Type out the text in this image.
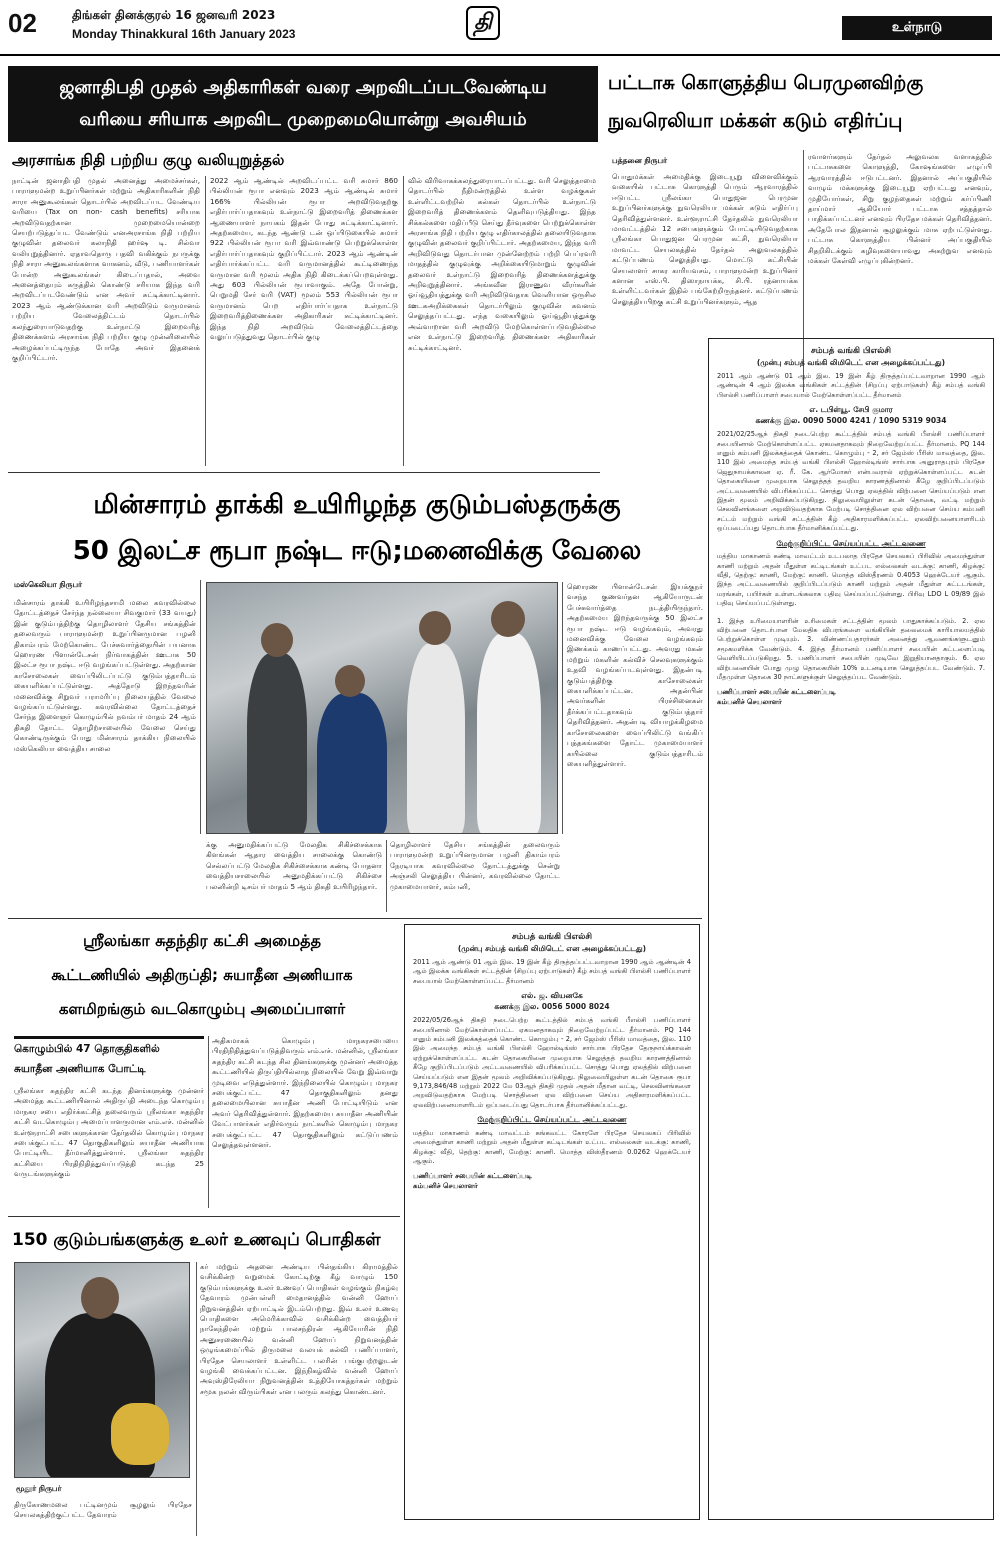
02	திங்கள் தினக்குரல் 16 ஜனவரி 2023
Monday Thinakkural 16th January 2023	தி	உள்நாடு
ஜனாதிபதி முதல் அதிகாரிகள் வரை அறவிடப்படவேண்டிய
வரியை சரியாக அறவிட முறைமையொன்று அவசியம்
அரசாங்க நிதி பற்றிய குழு வலியுறுத்தல்
நாட்டின் ஜனாதிபதி முதல் அனைத்து அமைச்சர்கள், பாராளுமன்ற உறுப்பினர்கள் மற்றும் அதிகாரிகளின் நிதி சாரா அனுகூலங்கள் தொடர்பில் அறவிடப்பட வேண்டிய வரியை (Tax on non- cash benefits) சரியாக அறவிடுவதற்கான முறைமையொன்றை செயற்படுத்தப்பட வேண்டும் எனஅரசாங்க நிதி பற்றிய குழுவின் தலைவர் கலாநிதி ஹர்ஷ டி. சில்வா வலியுறுத்தினார். ஏதாவதொரு பதவி வகிக்கும் நபருக்கு நிதி சாரா அனுகூலங்களாக வாகனம், வீடு, பணியாளர்கள் போன்ற அனுகூலங்கள் கிடைப்பதால், அவை அனைத்தையும் கருத்தில் கொண்டு சரியாக இந்த வரி அறவிடப்படவேண்டும் என அவர் சுட்டிக்காட்டினார். 2023 ஆம் ஆண்டுக்கான வரி அறவிடும் வருமானம் பற்றிய வேலைத்திட்டம் தொடர்பில் கலந்துரையாடுவதற்கு உள்நாட்டு இறைவரித் திணைக்களம் அரசாங்க நிதி பற்றிய குழு முன்னிலையில் அழைக்கப்பட்டிருந்த போதே அவர் இதனைக் குறிப்பிட்டார்.
2022 ஆம் ஆண்டில் அறவிடப்பட்ட வரி சுமார் 860 பில்லியன் ரூபா எனவும் 2023 ஆம் ஆண்டில் சுமார் 166% பில்லியன் ரூபா அறவிடுவதற்கு எதிர்பார்ப்பதாகவும் உள்நாட்டு இறைவரித் திணைக்கள ஆணையாளர் நாயகம் இதன் போது சுட்டிக்காட்டினார். அதற்கமைய, கடந்த ஆண்டு டன் ஒப்பிடுகையில் சுமார் 922 பில்லியன் ரூபா வரி இவ்வாண்டு பெற்றுக்கொள்ள எதிர்பார்ப்பதாகவும் குறிப்பிட்டார். 2023 ஆம் ஆண்டின் எதிர்பார்க்கப்பட்ட வரி வருமானத்தில் கூட்டிணைந்த வருமான வரி மூலம் அதிக நிதி கிடைக்கப்பெறவுள்ளது. அது 603 பில்லியன் ரூபாவாகும். அதே போன்று, பெறுமதி சேர் வரி (VAT) மூலம் 553 பில்லியன் ரூபா வருமானம் பெற எதிர்பார்ப்பதாக உள்நாட்டு இறைவரித்திணைக்கள அதிகாரிகள் சுட்டிக்காட்டினர். இந்த நிதி அறவிடும் வேலைத்திட்டத்தை வலுப்படுத்துவது தொடர்பில் குழு
வில் விரிவாகக்கலந்துரையாடப்பட்டது. வரி செலுத்தாமை தொடர்பில் நீதிமன்றத்தில் உள்ள வழக்குகள் உள்ளிட்டவற்றில் கல்கள் தொடர்பில் உள்நாட்டு இறைவரித் திணைக்களம் தெளிவுபடுத்தியது. இந்த சிக்கல்களை மதிப்பீடு செய்து தீர்வுகளை பெற்றுக்கொள்ள அரசாங்க நிதி பற்றிய குழு எதிர்காலத்தில் தலையிடுவதாக குழுவின் தலைவர் குறிப்பிட்டார். அதற்கமைய, இந்த வரி அறிவிடுவது தொடர்பான முன்னேற்றம் பற்றி பெப்ரவரி மாதத்தில் குழுவுக்கு அறிக்கையிடுமாறும் குழுவின் தலைவர் உள்நாட்டு இறைவரித் திணைக்களத்துக்கு அறிவுறுத்தினார். அங்கவீன இராணுவ வீரர்களின் ஓய்வூதியத்துக்கு வரி அறிவிடுவதாக வெளியான ஒருசில ஊடகஅறிக்கைகள் தொடர்பிலும் குழுவின் கவனம் செலுத்தப்பட்டது. எந்த வகையிலும் ஓய்வூதியத்துக்கு அவ்வாறான வரி அறவிடு மேற்கொள்ளப்படுவதில்லை என உள்நாட்டு இறைவரித் திணைக்கள அதிகாரிகள் சுட்டிக்காட்டினர்.
பட்டாசு கொளுத்திய பெரமுனவிற்கு
நுவரெலியா மக்கள் கடும் எதிர்ப்பு
பத்தனை நிருபர்
பொதுமக்கள் அமைதிக்கு இடையூறு விளைவிக்கும் வகையில் பட்டாசு கொளுத்தி பெரும் ஆரவாரத்தில் ஈடுபட்ட ஸ்ரீலங்கா பொதுஜன பெரமுன உறுப்பினர்களுக்கு நுவரெலியா மக்கள் கடும் எதிர்ப்பு தெரிவித்துள்ளனர். உள்ளூராட்சி தேர்தலில் நுவரெலியா மாவட்டத்தில் 12 சபைகளுக்கும் போட்டியிடுவதற்காக ஸ்ரீலங்கா பொதுஜன பெரமுன கட்சி, நுவரெலியா மாவட்ட செயலகத்தில் தேர்தல் அலுவலகத்தில் கட்டுப்பணம் செலுத்தியது. மொட்டு கட்சியின் செயலாளர் சாகர காரியவசம், பாராளுமன்ற உறுப்பினர் களான எஸ்.பி. திஸாநாயக்க, சி.பி. ரத்னாயக்க உள்ளிட்டவர்கள் இதில் பங்கேற்றிருந்தனர். கட்டுப்பணம் செலுத்தியபிறகு கட்சி உறுப்பினர்களும், ஆத
ரவாளர்களும் தேர்தல் அலுவலக வளாகத்தில் பட்டாசுகளை கொளுத்தி, கோஷங்களை எழுப்பி ஆரவாரத்தில் ஈடுபட்டனர். இதனால் அப்பகுதியில் வாழும் மக்களுக்கு இடையூறு ஏற்பட்டது எனவும், முதியோர்கள், சிறு குழந்தைகள் மற்றும் கர்ப்பிணி தாய்மார் ஆகியோர் பட்டாசு சத்தத்தால் பாதிக்கப்பட்டனர் எனவும் பிரதேச மக்கள் தெரிவித்தனர். அதேபோல இதனால் சூழலுக்கும் மாசு ஏற்பட்டுள்ளது. பட்டாசு கொளுத்திய பின்னர் அப்பகுதியில் சிதறிகிடக்கும் கழிவுகளையாவது அகற்றுவ எனவும் மக்கள் கேள்வி எழுப்புகின்றனர்.
சம்பத் வங்கி பிஎல்சி
(முன்பு சம்பத் வங்கி லிமிடெட் என அழைக்கப்பட்டது)
2011 ஆம் ஆண்டு 01 ஆம் இல. 19 இன் கீழ் திருத்தப்பட்டவாறான 1990 ஆம் ஆண்டின் 4 ஆம் இலக்க வங்கிகள் சட்டத்தின் (சிறப்பு ஏற்பாடுகள்) கீழ் சம்பத் வங்கி பிஎல்சி பணிப்பாளர் சபையால் மேற்கொள்ளப்பட்ட தீர்மானம்
எ. டபிள்யூ. சேபி குமார
கணக்கு இல. 0090 5000 4241 / 1090 5319 9034
2021/02/25ஆந் திகதி நடைபெற்ற கூட்டத்தில் சம்பத் வங்கி பீஎல்சி பணிப்பாளர் சபையினால் மேற்கொள்ளப்பட்ட ஏகமனதாகவும் நிறைவேற்றப்பட்ட தீர்மானம். PQ 144 எனும் கம்பனி இலக்கத்தைக் கொண்ட கொழும்பு - 2, சர் ஜேம்ஸ் பீரிஸ் மாவத்தை, இல. 110 இல் அமைந்த சம்பத் வங்கி பிஎல்சி ஹோல்டிங்ஸ் சார்பாக அனுராதபுரம் பிரதேச ஜெதுநாயக்காலன ஏ. ரீ. கே. ஆர்மோகர் என்பவரால் ஏற்றுக்கொள்ளப்பட்ட கடன் தொகையினை முறையாக செலுத்தத் தவறிய காரணத்தினால் கீழே குறிப்பிடப்படும் அட்டவணையில் விபரிக்கப்பட்ட சொத்து பொது ஏலத்தில் விற்பனை செய்யப்படும் என இதன் மூலம் அறிவிக்கப்படுகிறது. நிலுவையிலுள்ள கடன் தொகை, வட்டி மற்றும் செலவினங்களை அறவிடுவதற்காக மேற்படி சொத்தினை ஏல விற்பனை செய்ய கம்பனி சட்டம் மற்றும் வங்கி சட்டத்தின் கீழ் அதிகாரமளிக்கப்பட்ட ஏலவிற்பனையாளரிடம் ஒப்படைப்பது தொடர்பாக தீர்மானிக்கப்பட்டது.
மேற்குறிப்பிட்ட செய்யப்பட்ட அட்டவணை
மத்திய மாகாணம் கண்டி மாவட்டம் உடபலாத பிரதேச செயலகப் பிரிவில் அமைந்துள்ள காணி மற்றும் அதன் மீதுள்ள கட்டிடங்கள் உட்பட எல்லைகள் வடக்கு: காணி, கிழக்கு: வீதி, தெற்கு: காணி, மேற்கு: காணி. மொத்த விஸ்தீரணம் 0.4053 ஹெக்டேயர் ஆகும். இந்த அட்டவணையில் குறிப்பிடப்படும் காணி மற்றும் அதன் மீதுள்ள கட்டடங்கள், மரங்கள், பயிர்கள் உள்ளடங்கலாக பதிவு செய்யப்பட்டுள்ளது. பிரிவு LDO L 09/89 இல் பதிவு செய்யப்பட்டுள்ளது.
1. இந்த உரிமையாளரின் உரிமைகள் சட்டத்தின் மூலம் பாதுகாக்கப்படும். 2. ஏல விற்பனை தொடர்பான மேலதிக விபரங்களை வங்கியின் தலைமைக் காரியாலயத்தில் பெற்றுக்கொள்ள முடியும். 3. விண்ணப்பதாரர்கள் அனைத்து ஆவணங்களுடனும் சமூகமளிக்க வேண்டும். 4. இந்த தீர்மானம் பணிப்பாளர் சபையின் கட்டளைப்படி வெளியிடப்படுகிறது. 5. பணிப்பாளர் சபையின் முடிவே இறுதியானதாகும். 6. ஏல விற்பனையின் போது முழு தொகையின் 10% உடனடியாக செலுத்தப்பட வேண்டும். 7. மீதமுள்ள தொகை 30 நாட்களுக்குள் செலுத்தப்பட வேண்டும்.
பணிப்பாளர் சபையின் கட்டளைப்படி
கம்பனிச் செயலாளர்
மின்சாரம் தாக்கி உயிரிழந்த குடும்பஸ்தருக்கு
50 இலட்ச ரூபா நஷ்ட ஈடு;மனைவிக்கு வேலை
மஸ்கெலியா நிருபர்
மின்சாரம் தாக்கி உயிரிழந்தசாமி மலை கவரவில்லை தோட்டத்தைச் சேர்ந்த நல்லையா சிவகுமார் (33 வயது) இன் குடும்பத்திற்கு தொழிலாளர் தேசிய சங்கத்தின் தலைவரும் பாராளுமன்ற உறுப்பினருமான பழனி திகாம்பரம் மேற்கொண்ட பேச்சுவார்த்தையின் பயனாக ஹொரண பிளான்டேசன் நிர்வாகத்தின் ஊடாக 50 இலட்ச ரூபா நஷ்ட ஈடு வழங்கப்பட்டுள்ளது. அதற்கான காசோலைகள் வைப்பிலிடப்பட்டு குடும்பத்தாரிடம் கையளிக்கப்பட்டுள்ளது. அத்தோடு இறந்தவரின் மனைவிக்கு சிறுவர் பராமரிப்பு நிலையத்தில் வேலை வழங்கப்பட்டுள்ளது. கவரவில்லை தோட்டத்தைச் சேர்ந்த இளைஞர் கொழும்பில் நவம்பர் மாதம் 24 ஆம் திகதி தோட்ட தொழிற்சாலையில் வேலை செய்து கொண்டிருக்கும் போது மின்சாரம் தாக்கிய நிலையில் மஸ்கெலியா வைத்திய சாலை
ஹொரண பிளான்டேசன் இயக்குநர் வசந்த குணவர்தன ஆகியோருடன் பேச்சுவார்த்தை நடத்தியிருந்தார். அதற்கமைய இறந்தவருக்கு 50 இலட்ச ரூபா நஷ்ட ஈடு வழங்கவும், அவரது மனைவிக்கு வேலை வழங்கவும் இணக்கம் காணப்பட்டது. அவரது மகன் மற்றும் மகளின் கல்விச் செலவுகளுக்கும் உதவி வழங்கப்படவுள்ளது. இதன்படி குடும்பத்திற்கு காசோலைகள் கையளிக்கப்பட்டன. அதன்பின் அவர்களின் பிரச்சினைகள் தீர்க்கப்பட்டதாகவும் குடும்பத்தார் தெரிவித்தனர். அதன்படி வியாழக்கிழமை காசோலைகளை வைப்பிலிட்டு வங்கிப் புத்தகங்களை தோட்ட முகாமையாளர் கயில்லை குடும்பத்தாரிடம் கையளித்துள்ளார்.
க்கு அனுமதிக்கப்பட்டு மேலதிக சிகிச்சைக்காக கிளங்கன் ஆதார வைத்திய சாலைக்கு கொண்டு செல்லப்பட்டு மேலதிக சிகிச்சைக்காக கண்டி போதனா வைத்தியசாலையில் அனுமதிக்கப்பட்டு சிகிச்சை பலனின்றி டிசம்பர் மாதம் 5 ஆம் திகதி உயிரிழந்தார்.
தொழிலாளர் தேசிய சங்கத்தின் தலைவரும் பாராளுமன்ற உறுப்பினருமான பழனி திகாம்பரம் நேரடியாக கவரவில்லை தோட்டத்துக்கு சென்று அஞ்சலி செலுத்திய பின்னர், கவரவில்லை தோட்ட முகாமையாளர், கம்பனி,
ஸ்ரீலங்கா சுதந்திர கட்சி அமைத்த
கூட்டணியில் அதிருப்தி; சுயாதீன அணியாக
களமிறங்கும் வடகொழும்பு அமைப்பாளர்
கொழும்பில் 47 தொகுதிகளில்
சுயாதீன அணியாக போட்டி
ஸ்ரீலங்கா சுதந்திர கட்சி கடந்த தினங்களுக்கு முன்னர் அமைத்த கூட்டணியினால் அதிருப்தி அடைந்த கொழும்பு மாநகர சபை எதிர்க்கட்சித் தலைவரும் ஸ்ரீலங்கா சுதந்திர கட்சி வடகொழும்பு அமைப்பாளருமான எம்.எச். மன்னில் உள்ளூராட்சி சபைகளுக்கான தேர்தலில் கொழும்பு மாநகர சபைக்குட்பட்ட 47 தொகுதிகளிலும் சுயாதீன அணியாக போட்டியிட தீர்மானித்துள்ளார். ஸ்ரீலங்கா சுதந்திர கட்சியை பிரதிநிதித்துவப்படுத்தி கடந்த 25 வருடங்களுக்கும்
அதிகமாகக் கொழும்பு மாநகரசபையை பிரதிநிதித்துவப்படுத்திவரும் எம்.எச். மன்னில், ஸ்ரீலங்கா சுதந்திர கட்சி கடந்த சில தினங்களுக்கு முன்னர் அமைத்த கூட்டணியில் திருப்தியில்லாத நிலையில் வேறு இவ்வாறு முடிவை எடுத்துள்ளார். இந்நிலையில் கொழும்பு மாநகர சபைக்குட்பட்ட 47 தொகுதிகளிலும் தனது தலைமையிலான சுயாதீன அணி போட்டியிடும் என அவர் தெரிவித்துள்ளார். இதற்கமைய சுயாதீன அணியின் வேட்பாளர்கள் எதிர்வரும் நாட்களில் கொழும்பு மாநகர சபைக்குட்பட்ட 47 தொகுதிகளிலும் கட்டுப்பணம் செலுத்தவுள்ளனர்.
சம்பத் வங்கி பிஎல்சி
(முன்பு சம்பத் வங்கி லிமிடெட் என அழைக்கப்பட்டது)
2011 ஆம் ஆண்டு 01 ஆம் இல. 19 இன் கீழ் திருத்தப்பட்டவாறான 1990 ஆம் ஆண்டின் 4 ஆம் இலக்க வங்கிகள் சட்டத்தின் (சிறப்பு ஏற்பாடுகள்) கீழ் சம்பத் வங்கி பிஎல்சி பணிப்பாளர் சபையால் மேற்கொள்ளப்பட்ட தீர்மானம்
எல். ஜ. வியனகே
கணக்கு இல. 0056 5000 8024
2022/05/26ஆந் திகதி நடைபெற்ற கூட்டத்தில் சம்பத் வங்கி பீஎல்சி பணிப்பாளர் சபையினால் மேற்கொள்ளப்பட்ட ஏகமனதாகவும் நிறைவேற்றப்பட்ட தீர்மானம். PQ 144 எனும் கம்பனி இலக்கத்தைக் கொண்ட கொழும்பு - 2, சர் ஜேம்ஸ் பீரிஸ் மாவத்தை, இல. 110 இல் அமைந்த சம்பத் வங்கி பிஎல்சி ஹோல்டிங்ஸ் சார்பாக பிரதேச தேருநாய்க்காலன் ஏற்றுக்கொள்ளப்பட்ட கடன் தொகையினை முறையாக செலுத்தத் தவறிய காரணத்தினால் கீழே குறிப்பிடப்படும் அட்டவணையில் விபரிக்கப்பட்ட சொத்து பொது ஏலத்தில் விற்பனை செய்யப்படும் என இதன் மூலம் அறிவிக்கப்படுகிறது. நிலுவையிலுள்ள கடன் தொகை ரூபா 9,173,846/48 மற்றும் 2022 மே 03ஆந் திகதி முதல் அதன் மீதான வட்டி, செலவினங்களை அறவிடுவதற்காக மேற்படி சொத்தினை ஏல விற்பனை செய்ய அதிகாரமளிக்கப்பட்ட ஏலவிற்பனையாளரிடம் ஒப்படைப்பது தொடர்பாக தீர்மானிக்கப்பட்டது.
மேற்குறிப்பிட்ட செய்யப்பட்ட அட்டவணை
மத்திய மாகாணம் கண்டி மாவட்டம் கங்கவட்ட கோரளே பிரதேச செயலகப் பிரிவில் அமைந்துள்ள காணி மற்றும் அதன் மீதுள்ள கட்டிடங்கள் உட்பட எல்லைகள் வடக்கு: காணி, கிழக்கு: வீதி, தெற்கு: காணி, மேற்கு: காணி. மொத்த விஸ்தீரணம் 0.0262 ஹெக்டேயர் ஆகும்.
பணிப்பாளர் சபையின் கட்டளைப்படி
கம்பனிச் செயலாளர்
150 குடும்பங்களுக்கு உலர் உணவுப் பொதிகள்
மூதூர் நிருபர்
திருகோணமலை பட்டினமும் சூழலும் பிரதேச செயலகத்திற்குட்பட்ட தேவாரம்
கர் மற்றும் அதனை அண்டிய பின்தங்கிய கிராமத்தில் வசிக்கின்ற வறுமைக் கோட்டிற்கு கீழ் வாழும் 150 குடும்பங்களுக்கு உலர் உணவுப் பொதிகள் வழங்கும் நிகழ்வு தேவாரம் முன்பள்ளி மைதானத்தில் வன்னி ஹோப் நிறுவனத்தின் ஏற்பாட்டில் இடம்பெற்றது. இவ் உலர் உணவு பொதிகளை அமெரிக்காவில் வசிக்கின்ற வைத்தியர் நாகேந்திரன் மற்றும் பாலசந்திரன் ஆகியோரின் நிதி அனுசரணையில் வன்னி ஹோப் நிறுவனத்தின் ஒழுங்கமைப்பில் திருமலை வலயக் கல்வி பணிப்பாளர், பிரதேச செயலாளர் உள்ளிட்ட பலரின் பங்குபற்றலுடன் வழங்கி வைக்கப்பட்டன. இந்நிகழ்வில் வன்னி ஹோப் அவுஸ்திரேலியா நிறுவனத்தின் உத்தியோகத்தர்கள் மற்றும் சமூக நலன் விரும்பிகள் என பலரும் கலந்து கொண்டனர்.
